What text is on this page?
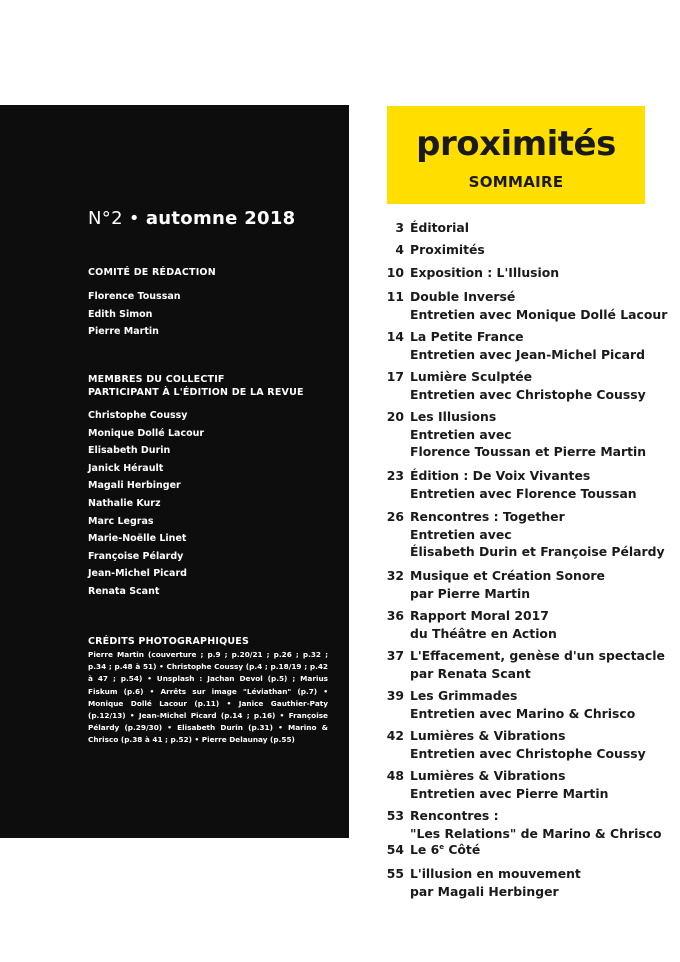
N°2 • automne 2018
COMITÉ DE RÉDACTION
Florence Toussan
Edith Simon
Pierre Martin
MEMBRES DU COLLECTIF
PARTICIPANT À L'ÉDITION DE LA REVUE
Christophe Coussy
Monique Dollé Lacour
Elisabeth Durin
Janick Hérault
Magali Herbinger
Nathalie Kurz
Marc Legras
Marie-Noëlle Linet
Françoise Pélardy
Jean-Michel Picard
Renata Scant
CRÉDITS PHOTOGRAPHIQUES
Pierre Martin (couverture ; p.9 ; p.20/21 ; p.26 ; p.32 ; p.34 ; p.48 à 51) • Christophe Coussy (p.4 ; p.18/19 ; p.42 à 47 ; p.54) • Unsplash : Jachan Devol (p.5) ; Marius Fiskum (p.6) • Arrêts sur image "Léviathan" (p.7) • Monique Dollé Lacour (p.11) • Janice Gauthier-Paty (p.12/13) • Jean-Michel Picard (p.14 ; p.16) • Françoise Pélardy (p.29/30) • Elisabeth Durin (p.31) • Marino & Chrisco (p.38 à 41 ; p.52) • Pierre Delaunay (p.55)
proximités
SOMMAIRE
3 Éditorial
4 Proximités
10 Exposition : L'Illusion
11 Double Inversé
Entretien avec Monique Dollé Lacour
14 La Petite France
Entretien avec Jean-Michel Picard
17 Lumière Sculptée
Entretien avec Christophe Coussy
20 Les Illusions
Entretien avec
Florence Toussan et Pierre Martin
23 Édition : De Voix Vivantes
Entretien avec Florence Toussan
26 Rencontres : Together
Entretien avec
Élisabeth Durin et Françoise Pélardy
32 Musique et Création Sonore
par Pierre Martin
36 Rapport Moral 2017
du Théâtre en Action
37 L'Effacement, genèse d'un spectacle
par Renata Scant
39 Les Grimmades
Entretien avec Marino & Chrisco
42 Lumières & Vibrations
Entretien avec Christophe Coussy
48 Lumières & Vibrations
Entretien avec Pierre Martin
53 Rencontres :
"Les Relations" de Marino & Chrisco
54 Le 6e Côté
55 L'illusion en mouvement
par Magali Herbinger
